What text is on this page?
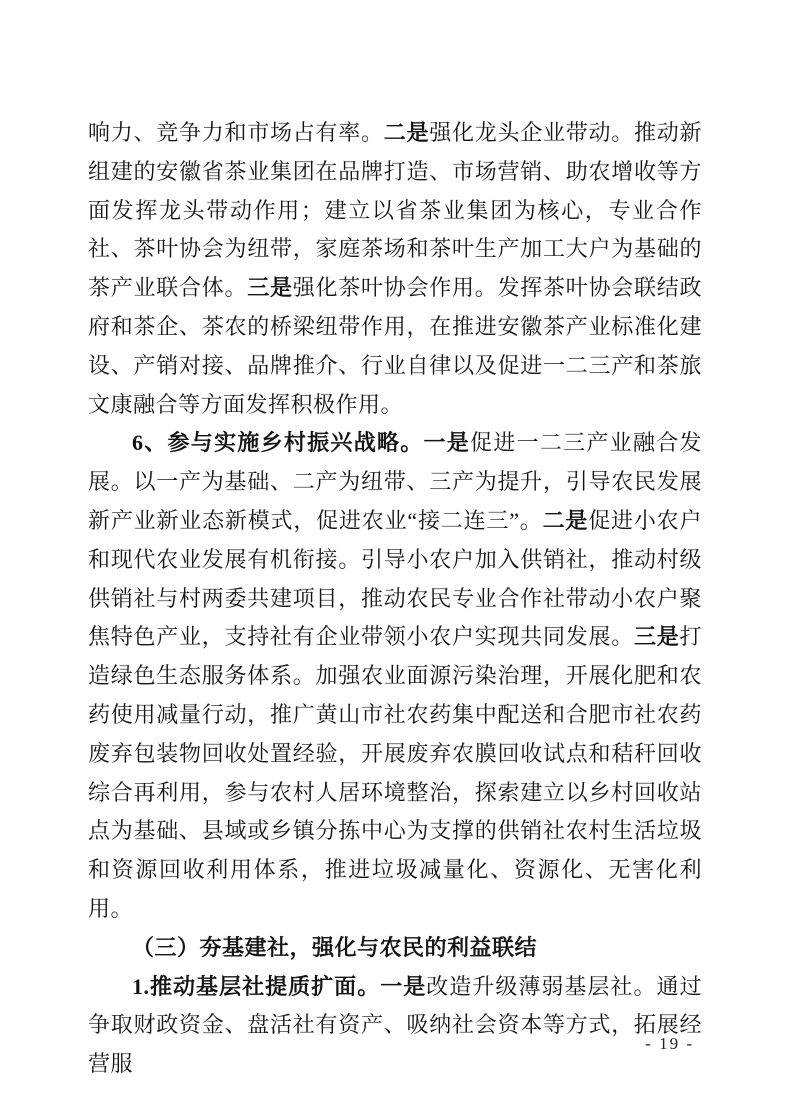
响力、竞争力和市场占有率。二是强化龙头企业带动。推动新组建的安徽省茶业集团在品牌打造、市场营销、助农增收等方面发挥龙头带动作用；建立以省茶业集团为核心，专业合作社、茶叶协会为纽带，家庭茶场和茶叶生产加工大户为基础的茶产业联合体。三是强化茶叶协会作用。发挥茶叶协会联结政府和茶企、茶农的桥梁纽带作用，在推进安徽茶产业标准化建设、产销对接、品牌推介、行业自律以及促进一二三产和茶旅文康融合等方面发挥积极作用。

6、参与实施乡村振兴战略。一是促进一二三产业融合发展。以一产为基础、二产为纽带、三产为提升，引导农民发展新产业新业态新模式，促进农业“接二连三”。二是促进小农户和现代农业发展有机衔接。引导小农户加入供销社，推动村级供销社与村两委共建项目，推动农民专业合作社带动小农户聚焦特色产业，支持社有企业带领小农户实现共同发展。三是打造绿色生态服务体系。加强农业面源污染治理，开展化肥和农药使用减量行动，推广黄山市社农药集中配送和合肥市社农药废弃包装物回收处置经验，开展废弃农膜回收试点和秸秆回收综合再利用，参与农村人居环境整治，探索建立以乡村回收站点为基础、县域或乡镇分拣中心为支撑的供销社农村生活垃圾和资源回收利用体系，推进垃圾减量化、资源化、无害化利用。

（三）夯基建社，强化与农民的利益联结

1.推动基层社提质扩面。一是改造升级薄弱基层社。通过争取财政资金、盘活社有资产、吸纳社会资本等方式，拓展经营服

- 19 -
